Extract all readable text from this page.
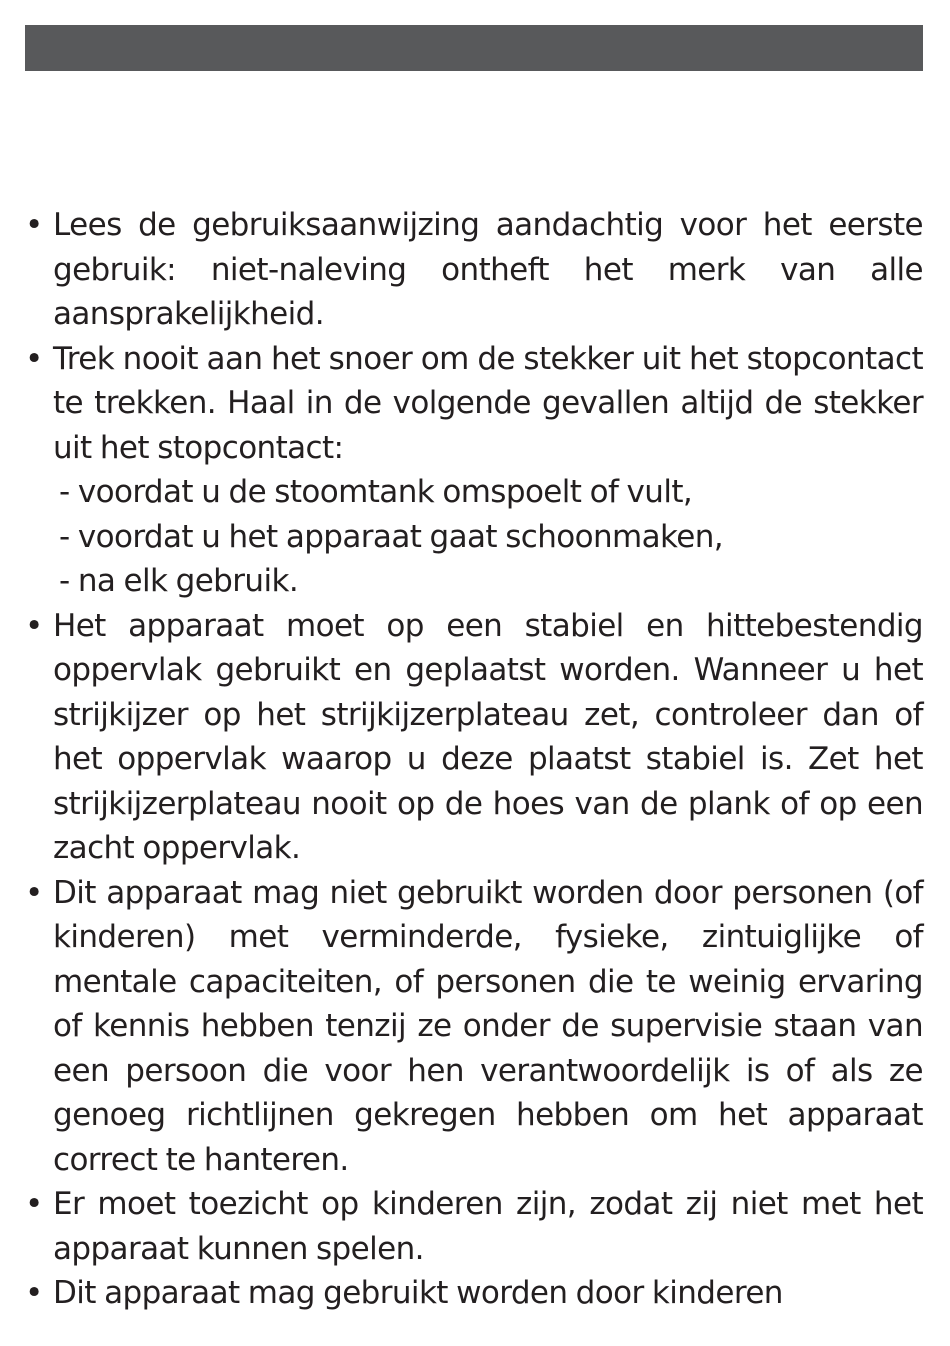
• Lees de gebruiksaanwijzing aandachtig voor het eerste gebruik: niet-naleving ontheft het merk van alle aansprakelijkheid.
• Trek nooit aan het snoer om de stekker uit het stopcontact te trekken. Haal in de volgende gevallen altijd de stekker uit het stopcontact:
- voordat u de stoomtank omspoelt of vult,
- voordat u het apparaat gaat schoonmaken,
- na elk gebruik.
• Het apparaat moet op een stabiel en hittebestendig oppervlak gebruikt en geplaatst worden. Wanneer u het strijkijzer op het strijkijzerplateau zet, controleer dan of het oppervlak waarop u deze plaatst stabiel is. Zet het strijkijzerplateau nooit op de hoes van de plank of op een zacht oppervlak.
• Dit apparaat mag niet gebruikt worden door personen (of kinderen) met verminderde, fysieke, zintuiglijke of mentale capaciteiten, of personen die te weinig ervaring of kennis hebben tenzij ze onder de supervisie staan van een persoon die voor hen verantwoordelijk is of als ze genoeg richtlijnen gekregen hebben om het apparaat correct te hanteren.
• Er moet toezicht op kinderen zijn, zodat zij niet met het apparaat kunnen spelen.
• Dit apparaat mag gebruikt worden door kinderen
